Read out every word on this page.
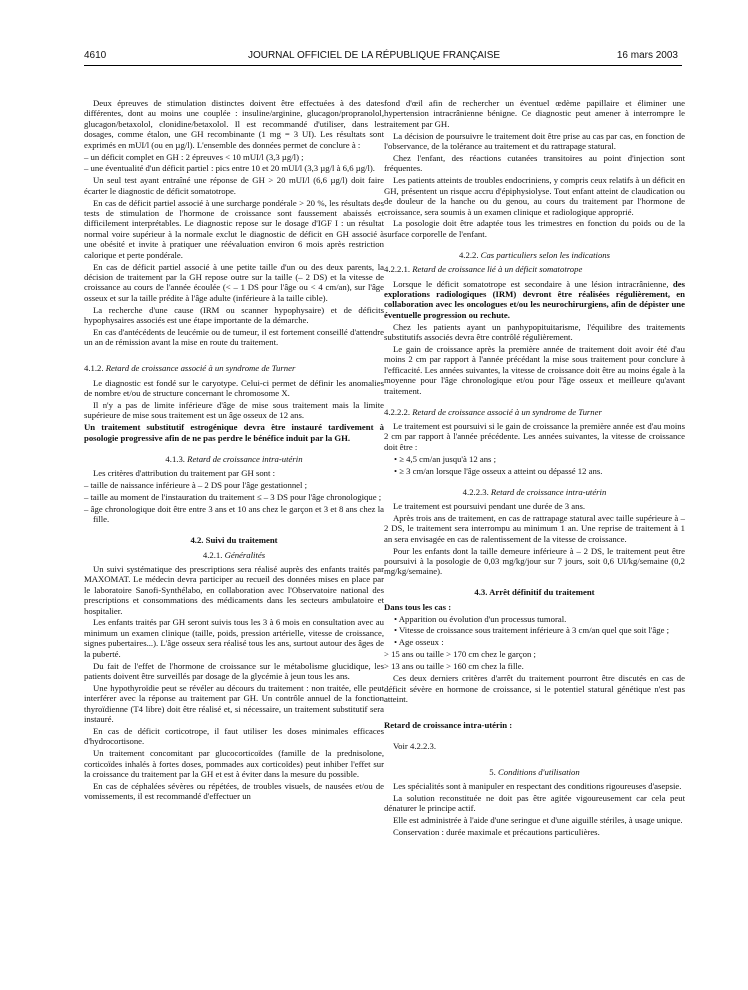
4610	JOURNAL OFFICIEL DE LA RÉPUBLIQUE FRANÇAISE	16 mars 2003

Deux épreuves de stimulation distinctes doivent être effectuées à des dates différentes, dont au moins une couplée : insuline/arginine, glucagon/propranolol, glucagon/betaxolol, clonidine/betaxolol. Il est recommandé d'utiliser, dans les dosages, comme étalon, une GH recombinante (1 mg = 3 UI). Les résultats sont exprimés en mUI/l (ou en µg/l). L'ensemble des données permet de conclure à :

– un déficit complet en GH : 2 épreuves < 10 mUI/l (3,3 µg/l) ;

– une éventualité d'un déficit partiel : pics entre 10 et 20 mUI/l (3,3 µg/l à 6,6 µg/l).

Un seul test ayant entraîné une réponse de GH > 20 mUI/l (6,6 µg/l) doit faire écarter le diagnostic de déficit somatotrope.

En cas de déficit partiel associé à une surcharge pondérale > 20 %, les résultats des tests de stimulation de l'hormone de croissance sont faussement abaissés et difficilement interprétables. Le diagnostic repose sur le dosage d'IGF I : un résultat normal voire supérieur à la normale exclut le diagnostic de déficit en GH associé à une obésité et invite à pratiquer une réévaluation environ 6 mois après restriction calorique et perte pondérale.

En cas de déficit partiel associé à une petite taille d'un ou des deux parents, la décision de traitement par la GH repose outre sur la taille (– 2 DS) et la vitesse de croissance au cours de l'année écoulée (< – 1 DS pour l'âge ou < 4 cm/an), sur l'âge osseux et sur la taille prédite à l'âge adulte (inférieure à la taille cible).

La recherche d'une cause (IRM ou scanner hypophysaire) et de déficits hypophysaires associés est une étape importante de la démarche.

En cas d'antécédents de leucémie ou de tumeur, il est fortement conseillé d'attendre un an de rémission avant la mise en route du traitement.

4.1.2. Retard de croissance associé à un syndrome de Turner

Le diagnostic est fondé sur le caryotype. Celui-ci permet de définir les anomalies de nombre et/ou de structure concernant le chromosome X.

Il n'y a pas de limite inférieure d'âge de mise sous traitement mais la limite supérieure de mise sous traitement est un âge osseux de 12 ans.

Un traitement substitutif estrogénique devra être instauré tardivement à posologie progressive afin de ne pas perdre le bénéfice induit par la GH.

4.1.3. Retard de croissance intra-utérin

Les critères d'attribution du traitement par GH sont :

– taille de naissance inférieure à – 2 DS pour l'âge gestationnel ;

– taille au moment de l'instauration du traitement ≤ – 3 DS pour l'âge chronologique ;

– âge chronologique doit être entre 3 ans et 10 ans chez le garçon et 3 et 8 ans chez la fille.

4.2. Suivi du traitement
4.2.1. Généralités

Un suivi systématique des prescriptions sera réalisé auprès des enfants traités par MAXOMAT. Le médecin devra participer au recueil des données mises en place par le laboratoire Sanofi-Synthélabo, en collaboration avec l'Observatoire national des prescriptions et consommations des médicaments dans les secteurs ambulatoire et hospitalier.

Les enfants traités par GH seront suivis tous les 3 à 6 mois en consultation avec au minimum un examen clinique (taille, poids, pression artérielle, vitesse de croissance, signes pubertaires...). L'âge osseux sera réalisé tous les ans, surtout autour des âges de la puberté.

Du fait de l'effet de l'hormone de croissance sur le métabolisme glucidique, les patients doivent être surveillés par dosage de la glycémie à jeun tous les ans.

Une hypothyroïdie peut se révéler au décours du traitement : non traitée, elle peut interférer avec la réponse au traitement par GH. Un contrôle annuel de la fonction thyroïdienne (T4 libre) doit être réalisé et, si nécessaire, un traitement substitutif sera instauré.

En cas de déficit corticotrope, il faut utiliser les doses minimales efficaces d'hydrocortisone.

Un traitement concomitant par glucocorticoïdes (famille de la prednisolone, corticoïdes inhalés à fortes doses, pommades aux corticoïdes) peut inhiber l'effet sur la croissance du traitement par la GH et est à éviter dans la mesure du possible.

En cas de céphalées sévères ou répétées, de troubles visuels, de nausées et/ou de vomissements, il est recommandé d'effectuer un

fond d'œil afin de rechercher un éventuel œdème papillaire et éliminer une hypertension intracrânienne bénigne. Ce diagnostic peut amener à interrompre le traitement par GH.

La décision de poursuivre le traitement doit être prise au cas par cas, en fonction de l'observance, de la tolérance au traitement et du rattrapage statural.

Chez l'enfant, des réactions cutanées transitoires au point d'injection sont fréquentes.

Les patients atteints de troubles endocriniens, y compris ceux relatifs à un déficit en GH, présentent un risque accru d'épiphysiolyse. Tout enfant atteint de claudication ou de douleur de la hanche ou du genou, au cours du traitement par l'hormone de croissance, sera soumis à un examen clinique et radiologique approprié.

La posologie doit être adaptée tous les trimestres en fonction du poids ou de la surface corporelle de l'enfant.

4.2.2. Cas particuliers selon les indications
4.2.2.1. Retard de croissance lié à un déficit somatotrope

Lorsque le déficit somatotrope est secondaire à une lésion intracrânienne, des explorations radiologiques (IRM) devront être réalisées régulièrement, en collaboration avec les oncologues et/ou les neurochirurgiens, afin de dépister une éventuelle progression ou rechute.

Chez les patients ayant un panhypopituitarisme, l'équilibre des traitements substitutifs associés devra être contrôlé régulièrement.

Le gain de croissance après la première année de traitement doit avoir été d'au moins 2 cm par rapport à l'année précédant la mise sous traitement pour conclure à l'efficacité. Les années suivantes, la vitesse de croissance doit être au moins égale à la moyenne pour l'âge chronologique et/ou pour l'âge osseux et meilleure qu'avant traitement.

4.2.2.2. Retard de croissance associé à un syndrome de Turner

Le traitement est poursuivi si le gain de croissance la première année est d'au moins 2 cm par rapport à l'année précédente. Les années suivantes, la vitesse de croissance doit être :

• ≥ 4,5 cm/an jusqu'à 12 ans ;

• ≥ 3 cm/an lorsque l'âge osseux a atteint ou dépassé 12 ans.

4.2.2.3. Retard de croissance intra-utérin

Le traitement est poursuivi pendant une durée de 3 ans.

Après trois ans de traitement, en cas de rattrapage statural avec taille supérieure à – 2 DS, le traitement sera interrompu au minimum 1 an. Une reprise de traitement à 1 an sera envisagée en cas de ralentissement de la vitesse de croissance.

Pour les enfants dont la taille demeure inférieure à – 2 DS, le traitement peut être poursuivi à la posologie de 0,03 mg/kg/jour sur 7 jours, soit 0,6 UI/kg/semaine (0,2 mg/kg/semaine).

4.3. Arrêt définitif du traitement

Dans tous les cas :

• Apparition ou évolution d'un processus tumoral.

• Vitesse de croissance sous traitement inférieure à 3 cm/an quel que soit l'âge ;

• Age osseux :

> 15 ans ou taille > 170 cm chez le garçon ;

> 13 ans ou taille > 160 cm chez la fille.

Ces deux derniers critères d'arrêt du traitement pourront être discutés en cas de déficit sévère en hormone de croissance, si le potentiel statural génétique n'est pas atteint.

Retard de croissance intra-utérin :

Voir 4.2.2.3.

5. Conditions d'utilisation

Les spécialités sont à manipuler en respectant des conditions rigoureuses d'asepsie.

La solution reconstituée ne doit pas être agitée vigoureusement car cela peut dénaturer le principe actif.

Elle est administrée à l'aide d'une seringue et d'une aiguille stériles, à usage unique.

Conservation : durée maximale et précautions particulières.
